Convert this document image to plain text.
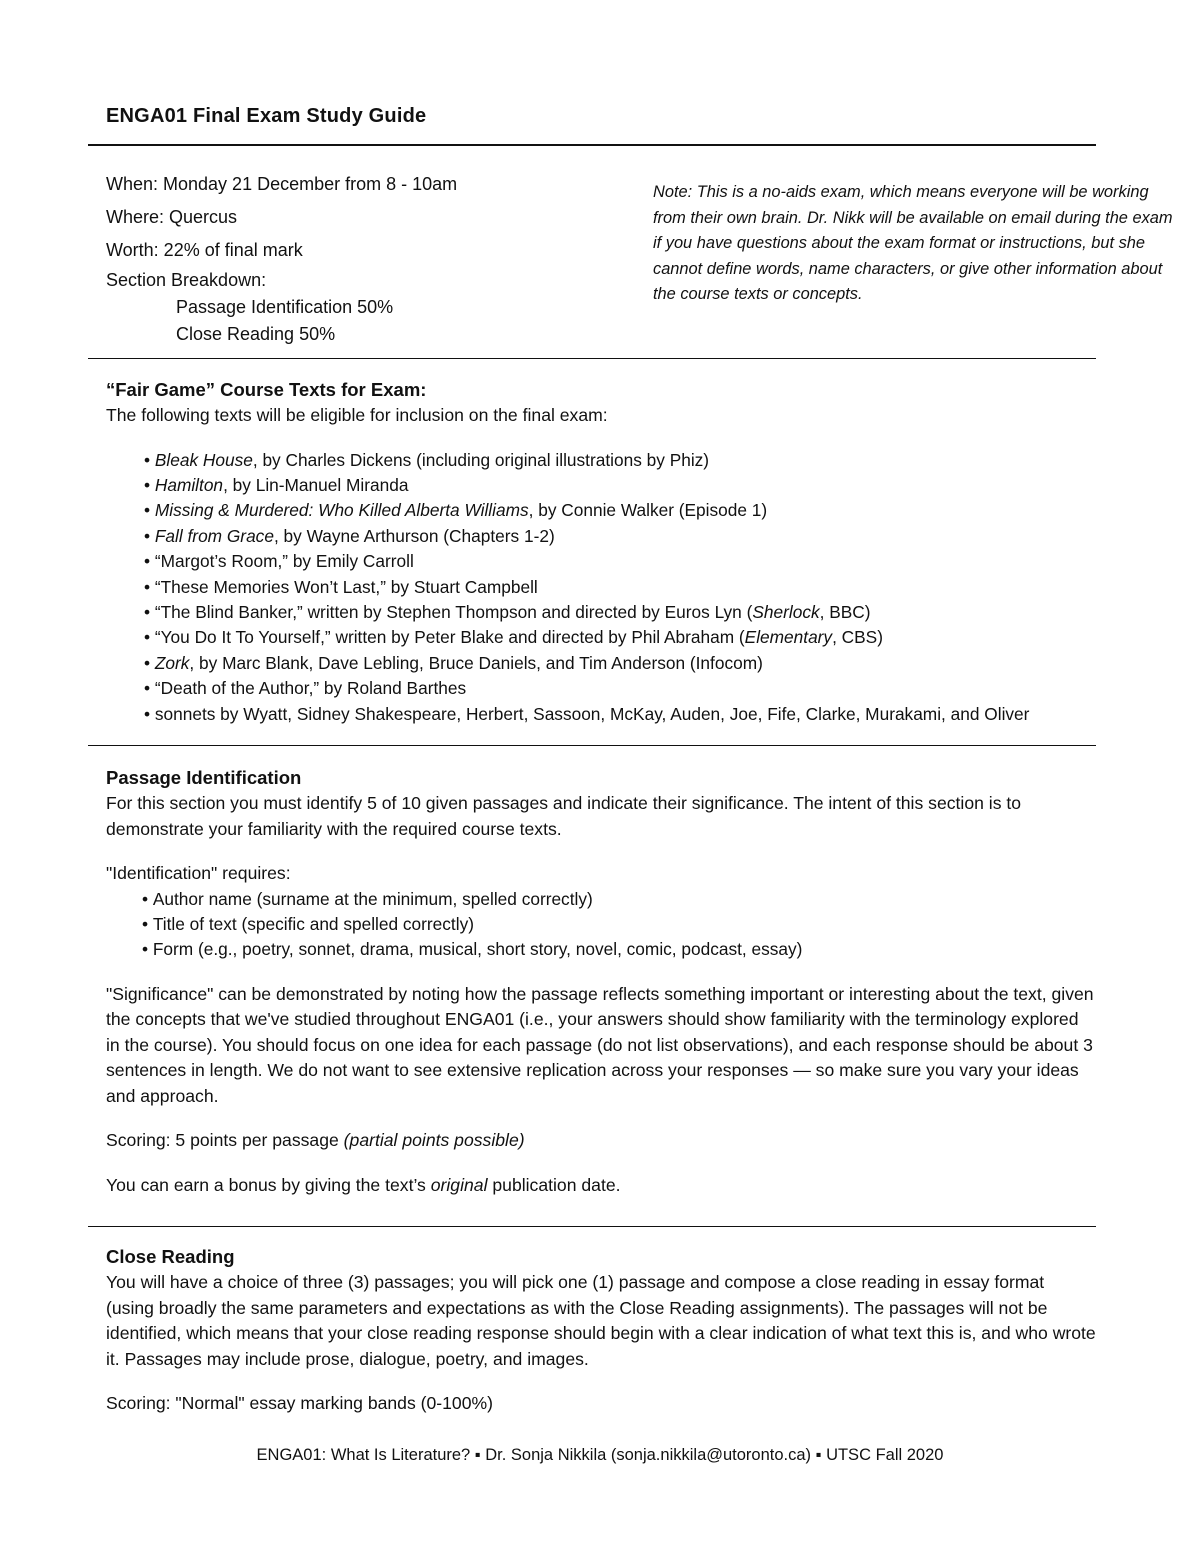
ENGA01 Final Exam Study Guide
When: Monday 21 December from 8 - 10am
Where: Quercus
Worth: 22% of final mark
Section Breakdown:
Passage Identification 50%
Close Reading 50%
Note: This is a no-aids exam, which means everyone will be working from their own brain. Dr. Nikk will be available on email during the exam if you have questions about the exam format or instructions, but she cannot define words, name characters, or give other information about the course texts or concepts.
“Fair Game” Course Texts for Exam:
The following texts will be eligible for inclusion on the final exam:
• Bleak House, by Charles Dickens (including original illustrations by Phiz)
• Hamilton, by Lin-Manuel Miranda
• Missing & Murdered: Who Killed Alberta Williams, by Connie Walker (Episode 1)
• Fall from Grace, by Wayne Arthurson (Chapters 1-2)
• “Margot’s Room,” by Emily Carroll
• “These Memories Won’t Last,” by Stuart Campbell
• “The Blind Banker,” written by Stephen Thompson and directed by Euros Lyn (Sherlock, BBC)
• “You Do It To Yourself,” written by Peter Blake and directed by Phil Abraham (Elementary, CBS)
• Zork, by Marc Blank, Dave Lebling, Bruce Daniels, and Tim Anderson (Infocom)
• “Death of the Author,” by Roland Barthes
• sonnets by Wyatt, Sidney Shakespeare, Herbert, Sassoon, McKay, Auden, Joe, Fife, Clarke, Murakami, and Oliver
Passage Identification
For this section you must identify 5 of 10 given passages and indicate their significance. The intent of this section is to demonstrate your familiarity with the required course texts.
"Identification" requires:
• Author name (surname at the minimum, spelled correctly)
• Title of text (specific and spelled correctly)
• Form (e.g., poetry, sonnet, drama, musical, short story, novel, comic, podcast, essay)
"Significance" can be demonstrated by noting how the passage reflects something important or interesting about the text, given the concepts that we've studied throughout ENGA01 (i.e., your answers should show familiarity with the terminology explored in the course). You should focus on one idea for each passage (do not list observations), and each response should be about 3 sentences in length. We do not want to see extensive replication across your responses — so make sure you vary your ideas and approach.
Scoring: 5 points per passage (partial points possible)
You can earn a bonus by giving the text’s original publication date.
Close Reading
You will have a choice of three (3) passages; you will pick one (1) passage and compose a close reading in essay format (using broadly the same parameters and expectations as with the Close Reading assignments). The passages will not be identified, which means that your close reading response should begin with a clear indication of what text this is, and who wrote it. Passages may include prose, dialogue, poetry, and images.
Scoring: "Normal" essay marking bands (0-100%)
ENGA01: What Is Literature? ▪ Dr. Sonja Nikkila (sonja.nikkila@utoronto.ca) ▪ UTSC Fall 2020
